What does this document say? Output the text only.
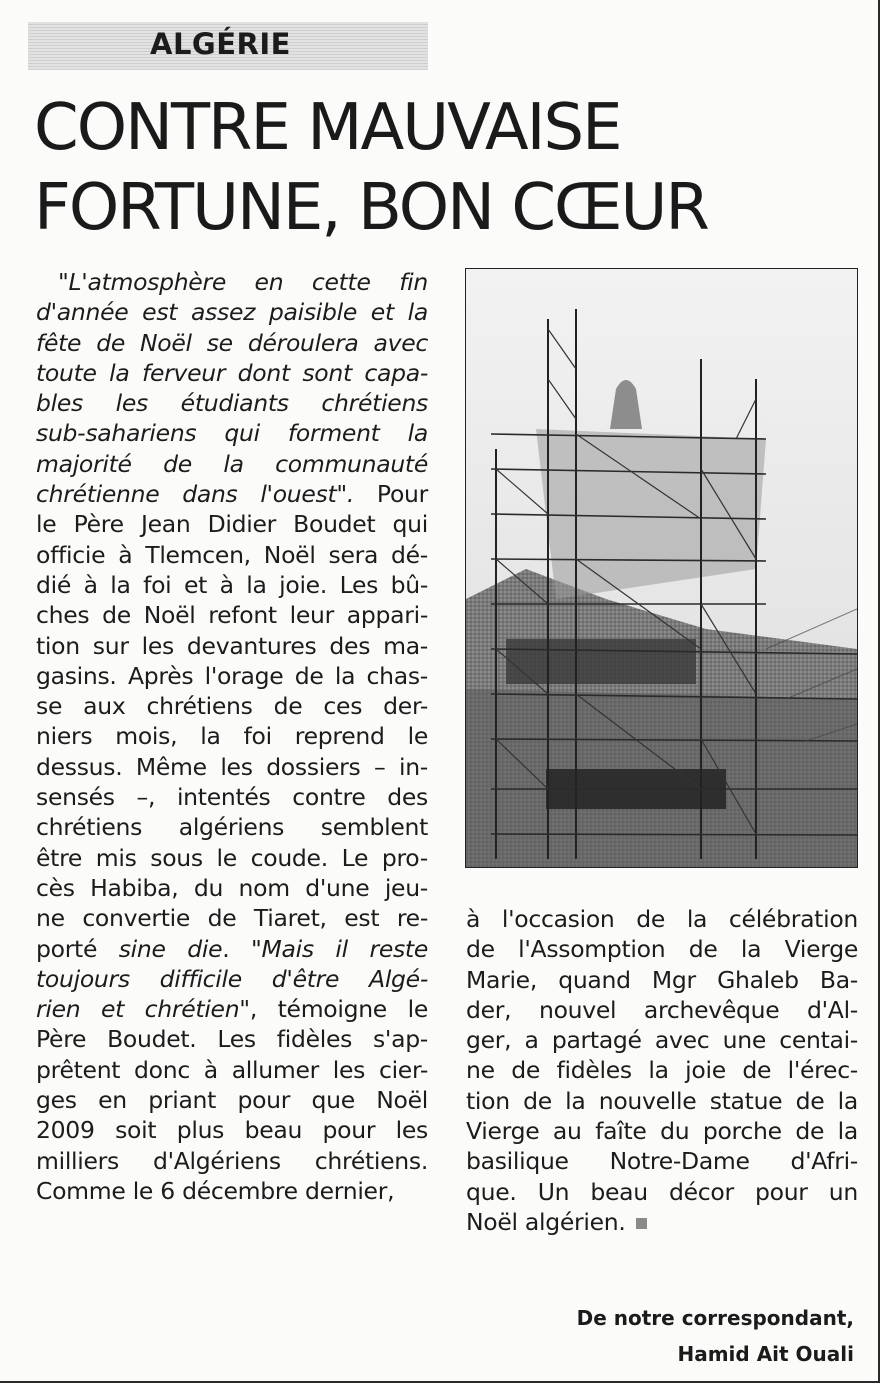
ALGÉRIE
CONTRE MAUVAISE
FORTUNE, BON CŒUR
"L'atmosphère en cette fin
d'année est assez paisible et la
fête de Noël se déroulera avec
toute la ferveur dont sont capa-
bles les étudiants chrétiens
sub-sahariens qui forment la
majorité de la communauté
chrétienne dans l'ouest". Pour
le Père Jean Didier Boudet qui
officie à Tlemcen, Noël sera dé-
dié à la foi et à la joie. Les bû-
ches de Noël refont leur appari-
tion sur les devantures des ma-
gasins. Après l'orage de la chas-
se aux chrétiens de ces der-
niers mois, la foi reprend le
dessus. Même les dossiers – in-
sensés –, intentés contre des
chrétiens algériens semblent
être mis sous le coude. Le pro-
cès Habiba, du nom d'une jeu-
ne convertie de Tiaret, est re-
porté sine die. "Mais il reste
toujours difficile d'être Algé-
rien et chrétien", témoigne le
Père Boudet. Les fidèles s'ap-
prêtent donc à allumer les cier-
ges en priant pour que Noël
2009 soit plus beau pour les
milliers d'Algériens chrétiens.
Comme le 6 décembre dernier,
à l'occasion de la célébration
de l'Assomption de la Vierge
Marie, quand Mgr Ghaleb Ba-
der, nouvel archevêque d'Al-
ger, a partagé avec une centai-
ne de fidèles la joie de l'érec-
tion de la nouvelle statue de la
Vierge au faîte du porche de la
basilique Notre-Dame d'Afri-
que. Un beau décor pour un
Noël algérien.
De notre correspondant,
Hamid Ait Ouali
